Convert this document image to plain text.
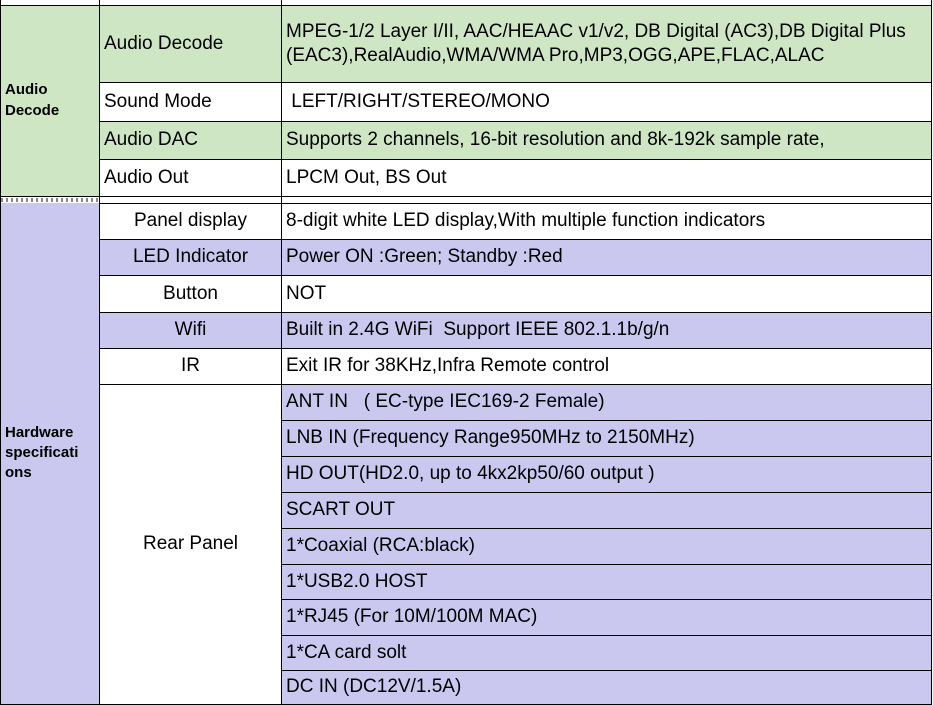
Audio
Decode	Audio Decode	MPEG-1/2 Layer I/II, AAC/HEAAC v1/v2, DB Digital (AC3),DB Digital Plus (EAC3),RealAudio,WMA/WMA Pro,MP3,OGG,APE,FLAC,ALAC
	Sound Mode	LEFT/RIGHT/STEREO/MONO
	Audio DAC	Supports 2 channels, 16-bit resolution and 8k-192k sample rate,
	Audio Out	LPCM Out, BS Out

Hardware
specificati
ons	Panel display	8-digit white LED display,With multiple function indicators
	LED Indicator	Power ON :Green; Standby :Red
	Button	NOT
	Wifi	Built in 2.4G WiFi  Support IEEE 802.1.1b/g/n
	IR	Exit IR for 38KHz,Infra Remote control
	Rear Panel	ANT IN   ( EC-type IEC169-2 Female)
		LNB IN (Frequency Range950MHz to 2150MHz)
		HD OUT(HD2.0, up to 4kx2kp50/60 output )
		SCART OUT
		1*Coaxial (RCA:black)
		1*USB2.0 HOST
		1*RJ45 (For 10M/100M MAC)
		1*CA card solt
		DC IN (DC12V/1.5A)
